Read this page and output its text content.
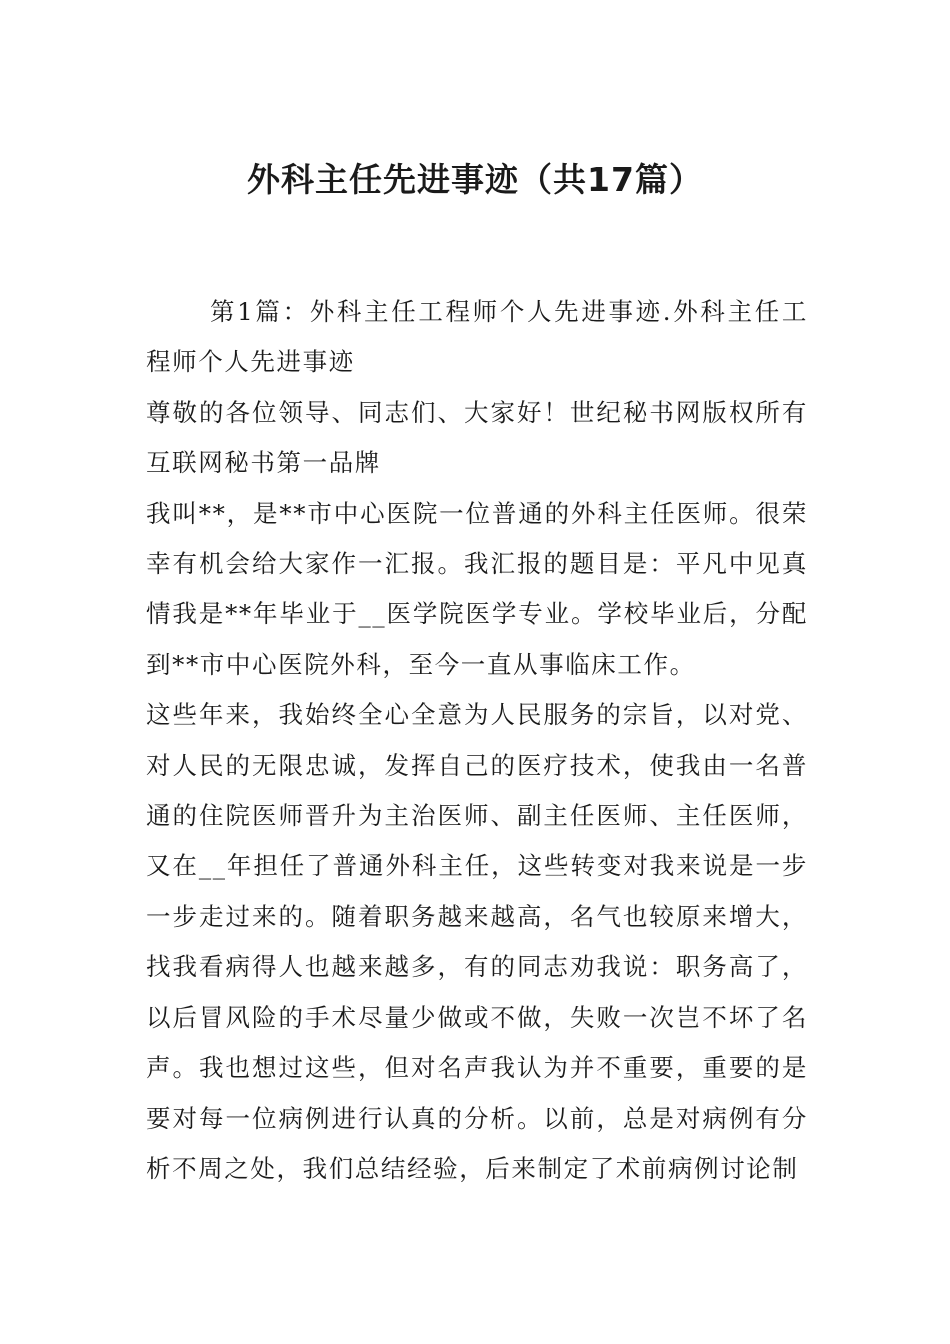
外科主任先进事迹（共17篇）

第1篇：外科主任工程师个人先进事迹.外科主任工程师个人先进事迹

尊敬的各位领导、同志们、大家好！世纪秘书网版权所有互联网秘书第一品牌

我叫**，是**市中心医院一位普通的外科主任医师。很荣幸有机会给大家作一汇报。我汇报的题目是：平凡中见真情我是**年毕业于__医学院医学专业。学校毕业后，分配到**市中心医院外科，至今一直从事临床工作。

这些年来，我始终全心全意为人民服务的宗旨，以对党、对人民的无限忠诚，发挥自己的医疗技术，使我由一名普通的住院医师晋升为主治医师、副主任医师、主任医师，又在__年担任了普通外科主任，这些转变对我来说是一步一步走过来的。随着职务越来越高，名气也较原来增大，找我看病得人也越来越多，有的同志劝我说：职务高了，以后冒风险的手术尽量少做或不做，失败一次岂不坏了名声。我也想过这些，但对名声我认为并不重要，重要的是要对每一位病例进行认真的分析。以前，总是对病例有分析不周之处，我们总结经验，后来制定了术前病例讨论制
